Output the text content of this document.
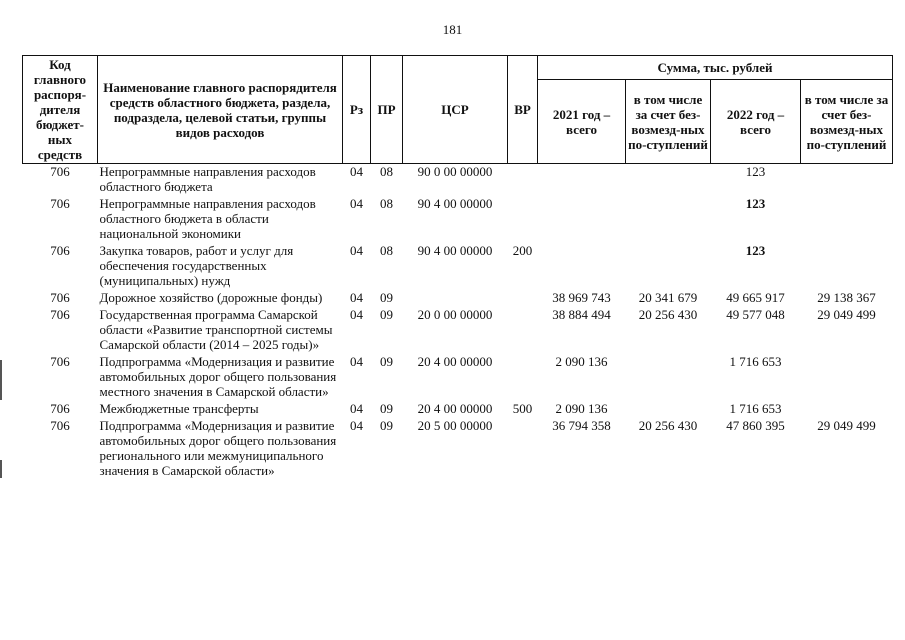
181
Код главного распоря-дителя бюджет-ных средств	Наименование главного распорядителя средств областного бюджета, раздела, подраздела, целевой статьи, группы видов расходов	Рз	ПР	ЦСР	ВР	Сумма, тыс. рублей			
						2021 год – всего	в том числе за счет без-возмезд-ных по-ступлений	2022 год – всего	в том числе за счет без-возмезд-ных по-ступлений
706	Непрограммные направления расходов областного бюджета	04	08	90 0 00 00000				123	
706	Непрограммные направления расходов областного бюджета в области национальной экономики	04	08	90 4 00 00000				123	
706	Закупка товаров, работ и услуг для обеспечения государственных (муниципальных) нужд	04	08	90 4 00 00000	200			123	
706	Дорожное хозяйство (дорожные фонды)	04	09			38 969 743	20 341 679	49 665 917	29 138 367
706	Государственная программа Самарской области «Развитие транспортной системы Самарской области (2014 – 2025 годы)»	04	09	20 0 00 00000		38 884 494	20 256 430	49 577 048	29 049 499
706	Подпрограмма «Модернизация и развитие автомобильных дорог общего пользования местного значения в Самарской области»	04	09	20 4 00 00000		2 090 136		1 716 653	
706	Межбюджетные трансферты	04	09	20 4 00 00000	500	2 090 136		1 716 653	
706	Подпрограмма «Модернизация и развитие автомобильных дорог общего пользования регионального или межмуниципального значения в Самарской области»	04	09	20 5 00 00000		36 794 358	20 256 430	47 860 395	29 049 499
